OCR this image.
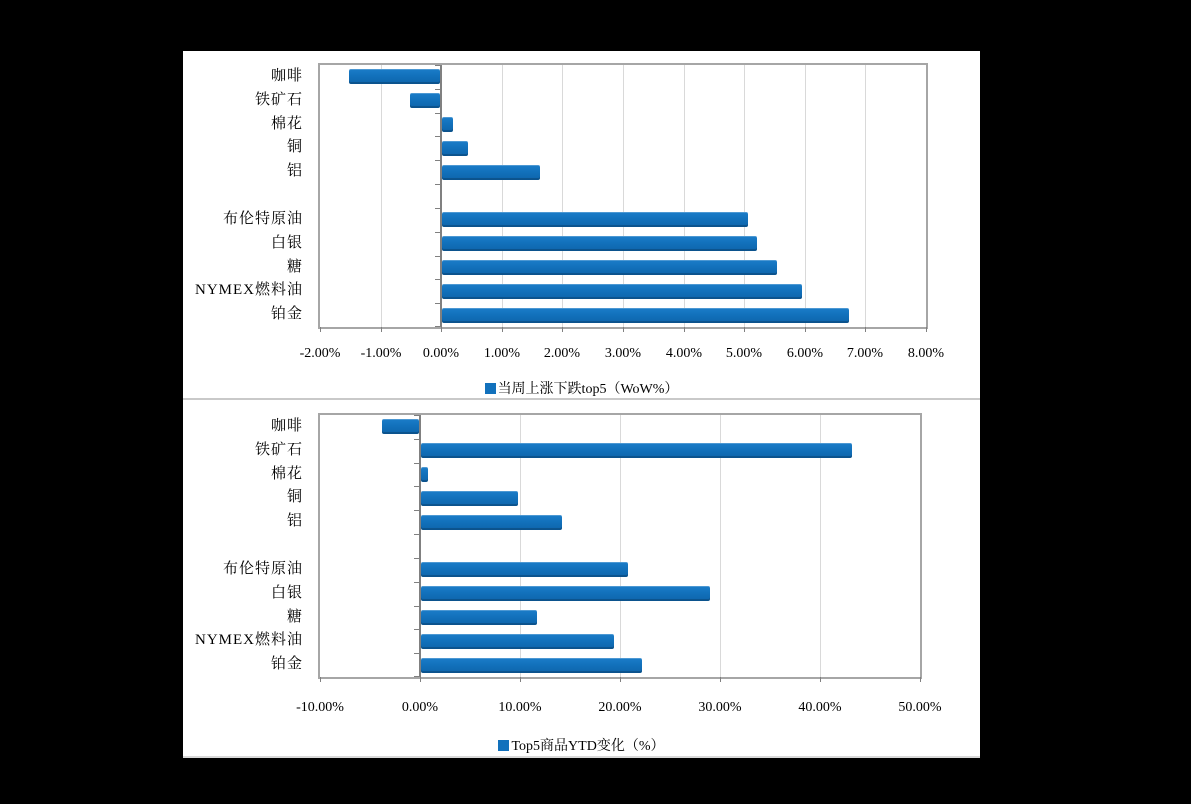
咖啡
铁矿石
棉花
铜
铝
布伦特原油
白银
糖
NYMEX燃料油
铂金
-2.00%	-1.00%	0.00%	1.00%	2.00%	3.00%	4.00%	5.00%	6.00%	7.00%	8.00%
当周上涨下跌top5（WoW%）
咖啡
铁矿石
棉花
铜
铝
布伦特原油
白银
糖
NYMEX燃料油
铂金
-10.00%	0.00%	10.00%	20.00%	30.00%	40.00%	50.00%
Top5商品YTD变化（%）
